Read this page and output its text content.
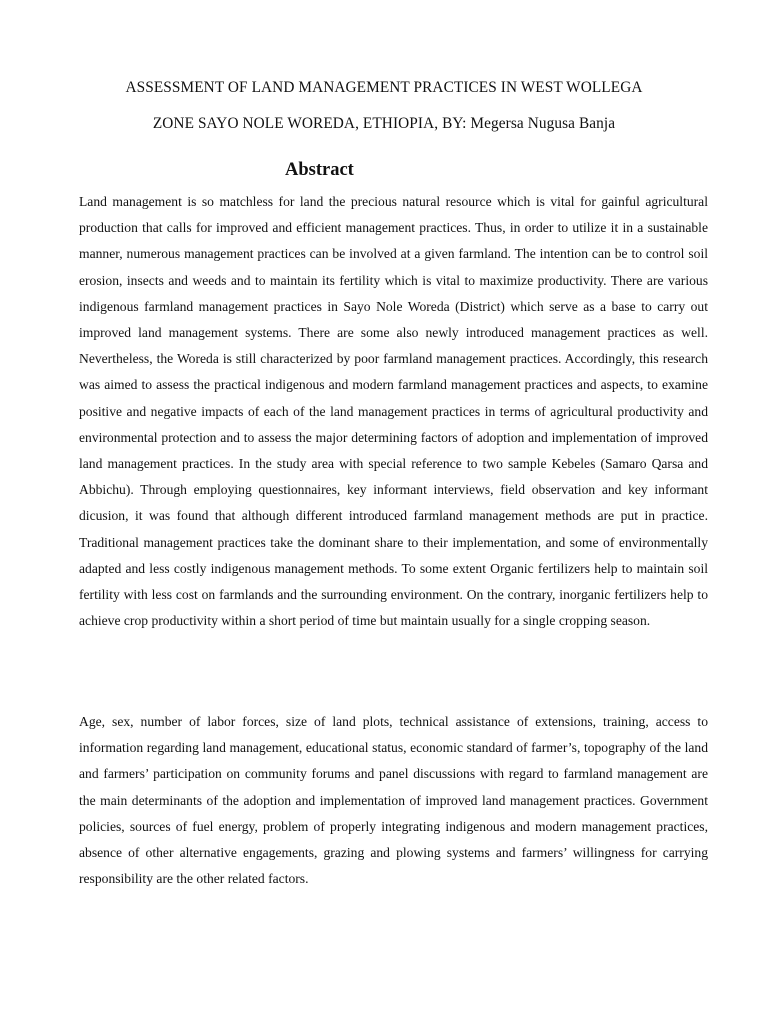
ASSESSMENT OF LAND MANAGEMENT PRACTICES IN WEST WOLLEGA
ZONE SAYO NOLE WOREDA, ETHIOPIA, BY: Megersa Nugusa Banja
Abstract

Land management is so matchless for land the precious natural resource which is vital for gainful agricultural production that calls for improved and efficient management practices. Thus, in order to utilize it in a sustainable manner, numerous management practices can be involved at a given farmland. The intention can be to control soil erosion, insects and weeds and to maintain its fertility which is vital to maximize productivity. There are various indigenous farmland management practices in Sayo Nole Woreda (District) which serve as a base to carry out improved land management systems. There are some also newly introduced management practices as well. Nevertheless, the Woreda is still characterized by poor farmland management practices. Accordingly, this research was aimed to assess the practical indigenous and modern farmland management practices and aspects, to examine positive and negative impacts of each of the land management practices in terms of agricultural productivity and environmental protection and to assess the major determining factors of adoption and implementation of improved land management practices. In the study area with special reference to two sample Kebeles (Samaro Qarsa and Abbichu). Through employing questionnaires, key informant interviews, field observation and key informant dicusion, it was found that although different introduced farmland management methods are put in practice. Traditional management practices take the dominant share to their implementation, and some of environmentally adapted and less costly indigenous management methods. To some extent Organic fertilizers help to maintain soil fertility with less cost on farmlands and the surrounding environment. On the contrary, inorganic fertilizers help to achieve crop productivity within a short period of time but maintain usually for a single cropping season.

Age, sex, number of labor forces, size of land plots, technical assistance of extensions, training, access to information regarding land management, educational status, economic standard of farmer’s, topography of the land and farmers’ participation on community forums and panel discussions with regard to farmland management are the main determinants of the adoption and implementation of improved land management practices. Government policies, sources of fuel energy, problem of properly integrating indigenous and modern management practices, absence of other alternative engagements, grazing and plowing systems and farmers’ willingness for carrying responsibility are the other related factors.
